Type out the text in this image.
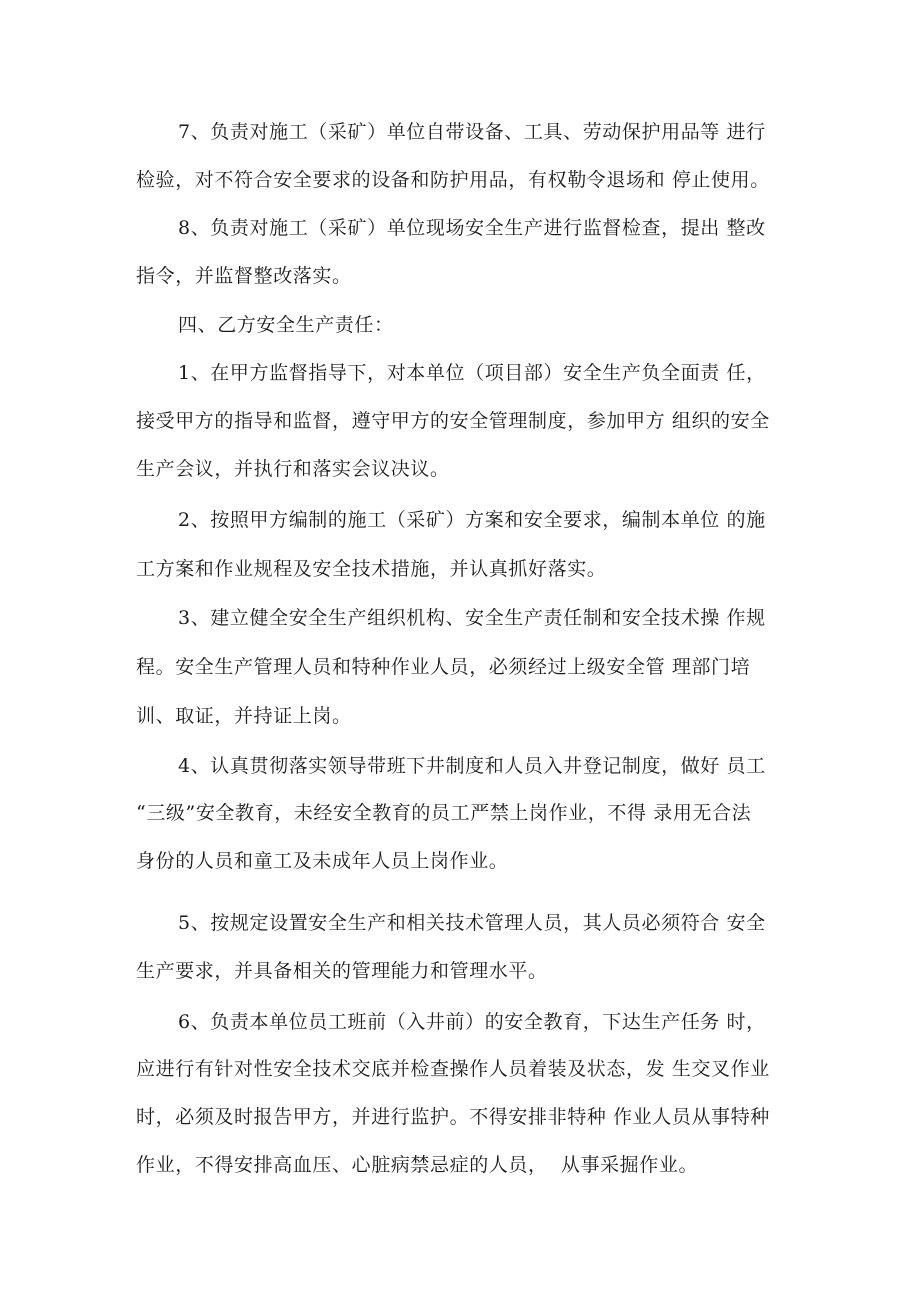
7、负责对施工（采矿）单位自带设备、工具、劳动保护用品等 进行
检验，对不符合安全要求的设备和防护用品，有权勒令退场和 停止使用。
8、负责对施工（采矿）单位现场安全生产进行监督检查，提出 整改
指令，并监督整改落实。
四、乙方安全生产责任：
1、在甲方监督指导下，对本单位（项目部）安全生产负全面责 任，
接受甲方的指导和监督，遵守甲方的安全管理制度，参加甲方 组织的安全
生产会议，并执行和落实会议决议。
2、按照甲方编制的施工（采矿）方案和安全要求，编制本单位 的施
工方案和作业规程及安全技术措施，并认真抓好落实。
3、建立健全安全生产组织机构、安全生产责任制和安全技术操 作规
程。安全生产管理人员和特种作业人员，必须经过上级安全管 理部门培
训、取证，并持证上岗。
4、认真贯彻落实领导带班下井制度和人员入井登记制度，做好 员工
“三级”安全教育，未经安全教育的员工严禁上岗作业，不得 录用无合法
身份的人员和童工及未成年人员上岗作业。
5、按规定设置安全生产和相关技术管理人员，其人员必须符合 安全
生产要求，并具备相关的管理能力和管理水平。
6、负责本单位员工班前（入井前）的安全教育，下达生产任务 时，
应进行有针对性安全技术交底并检查操作人员着装及状态，发 生交叉作业
时，必须及时报告甲方，并进行监护。不得安排非特种 作业人员从事特种
作业，不得安排高血压、心脏病禁忌症的人员，  从事采掘作业。
